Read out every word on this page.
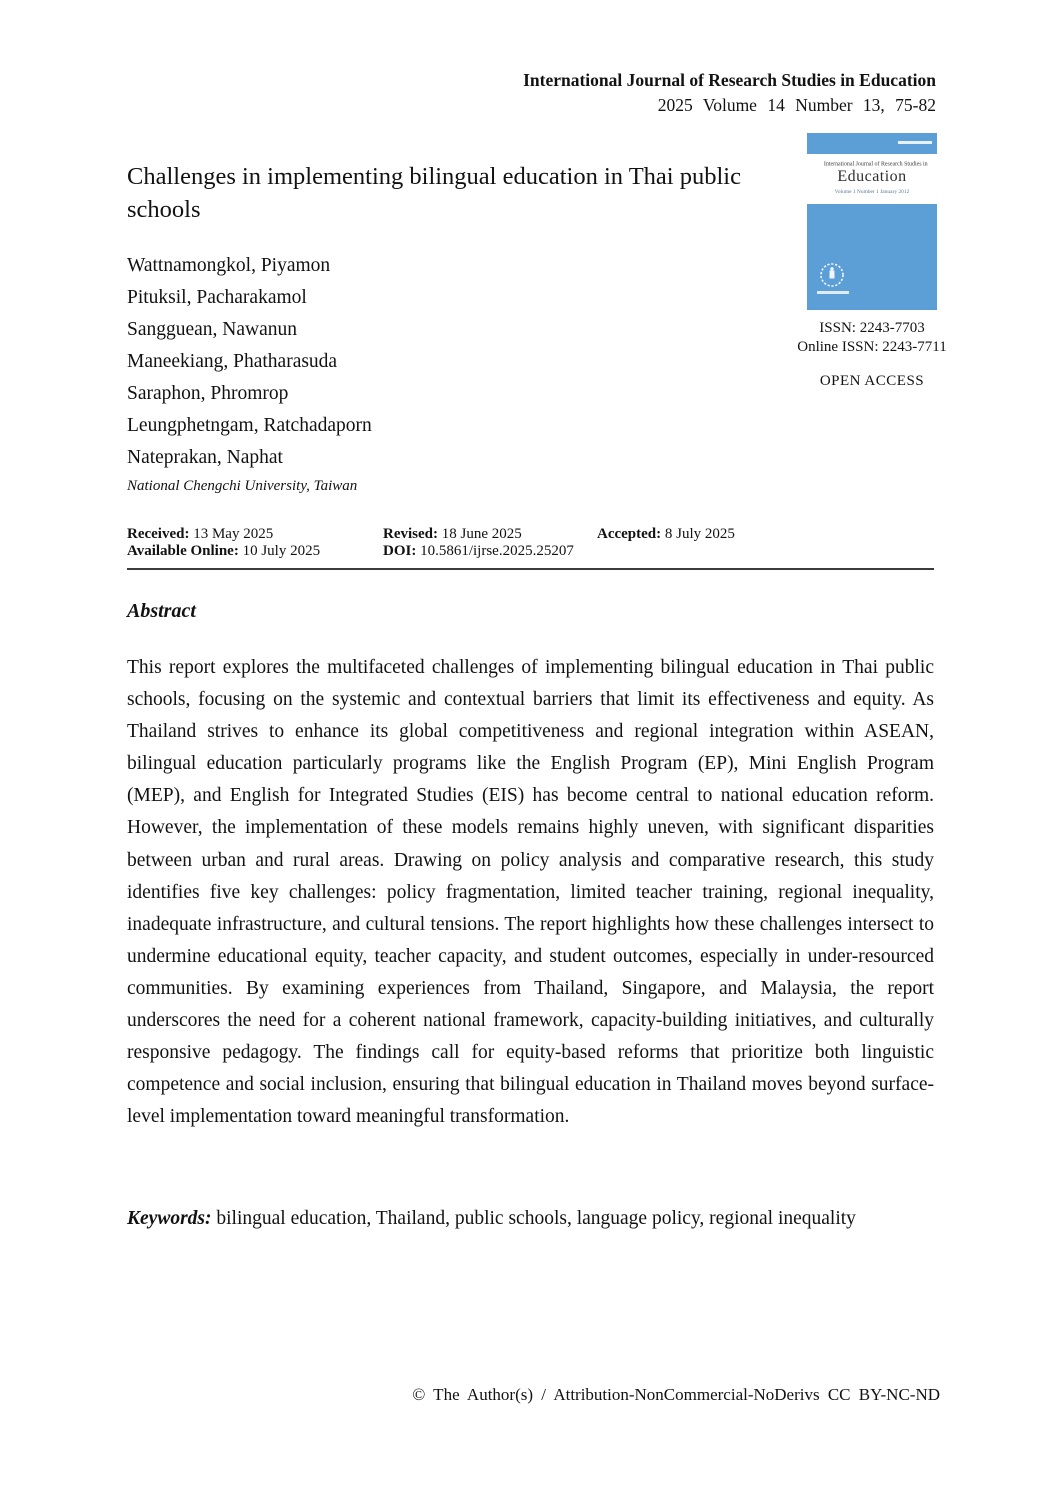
International Journal of Research Studies in Education
2025 Volume 14 Number 13, 75-82
Challenges in implementing bilingual education in Thai public schools
Wattnamongkol, Piyamon
Pituksil, Pacharakamol
Sangguean, Nawanun
Maneekiang, Phatharasuda
Saraphon, Phromrop
Leungphetngam, Ratchadaporn
Nateprakan, Naphat
National Chengchi University, Taiwan
International Journal of Research Studies in
Education
Volume 1 Number 1 January 2012
ISSN: 2243-7703
Online ISSN: 2243-7711
OPEN ACCESS
Received: 13 May 2025	Revised: 18 June 2025	Accepted: 8 July 2025
Available Online: 10 July 2025	DOI: 10.5861/ijrse.2025.25207
Abstract

This report explores the multifaceted challenges of implementing bilingual education in Thai public schools, focusing on the systemic and contextual barriers that limit its effectiveness and equity. As Thailand strives to enhance its global competitiveness and regional integration within ASEAN, bilingual education particularly programs like the English Program (EP), Mini English Program (MEP), and English for Integrated Studies (EIS) has become central to national education reform. However, the implementation of these models remains highly uneven, with significant disparities between urban and rural areas. Drawing on policy analysis and comparative research, this study identifies five key challenges: policy fragmentation, limited teacher training, regional inequality, inadequate infrastructure, and cultural tensions. The report highlights how these challenges intersect to undermine educational equity, teacher capacity, and student outcomes, especially in under-resourced communities. By examining experiences from Thailand, Singapore, and Malaysia, the report underscores the need for a coherent national framework, capacity-building initiatives, and culturally responsive pedagogy. The findings call for equity-based reforms that prioritize both linguistic competence and social inclusion, ensuring that bilingual education in Thailand moves beyond surface-level implementation toward meaningful transformation.

Keywords: bilingual education, Thailand, public schools, language policy, regional inequality

© The Author(s) / Attribution-NonCommercial-NoDerivs CC BY-NC-ND
